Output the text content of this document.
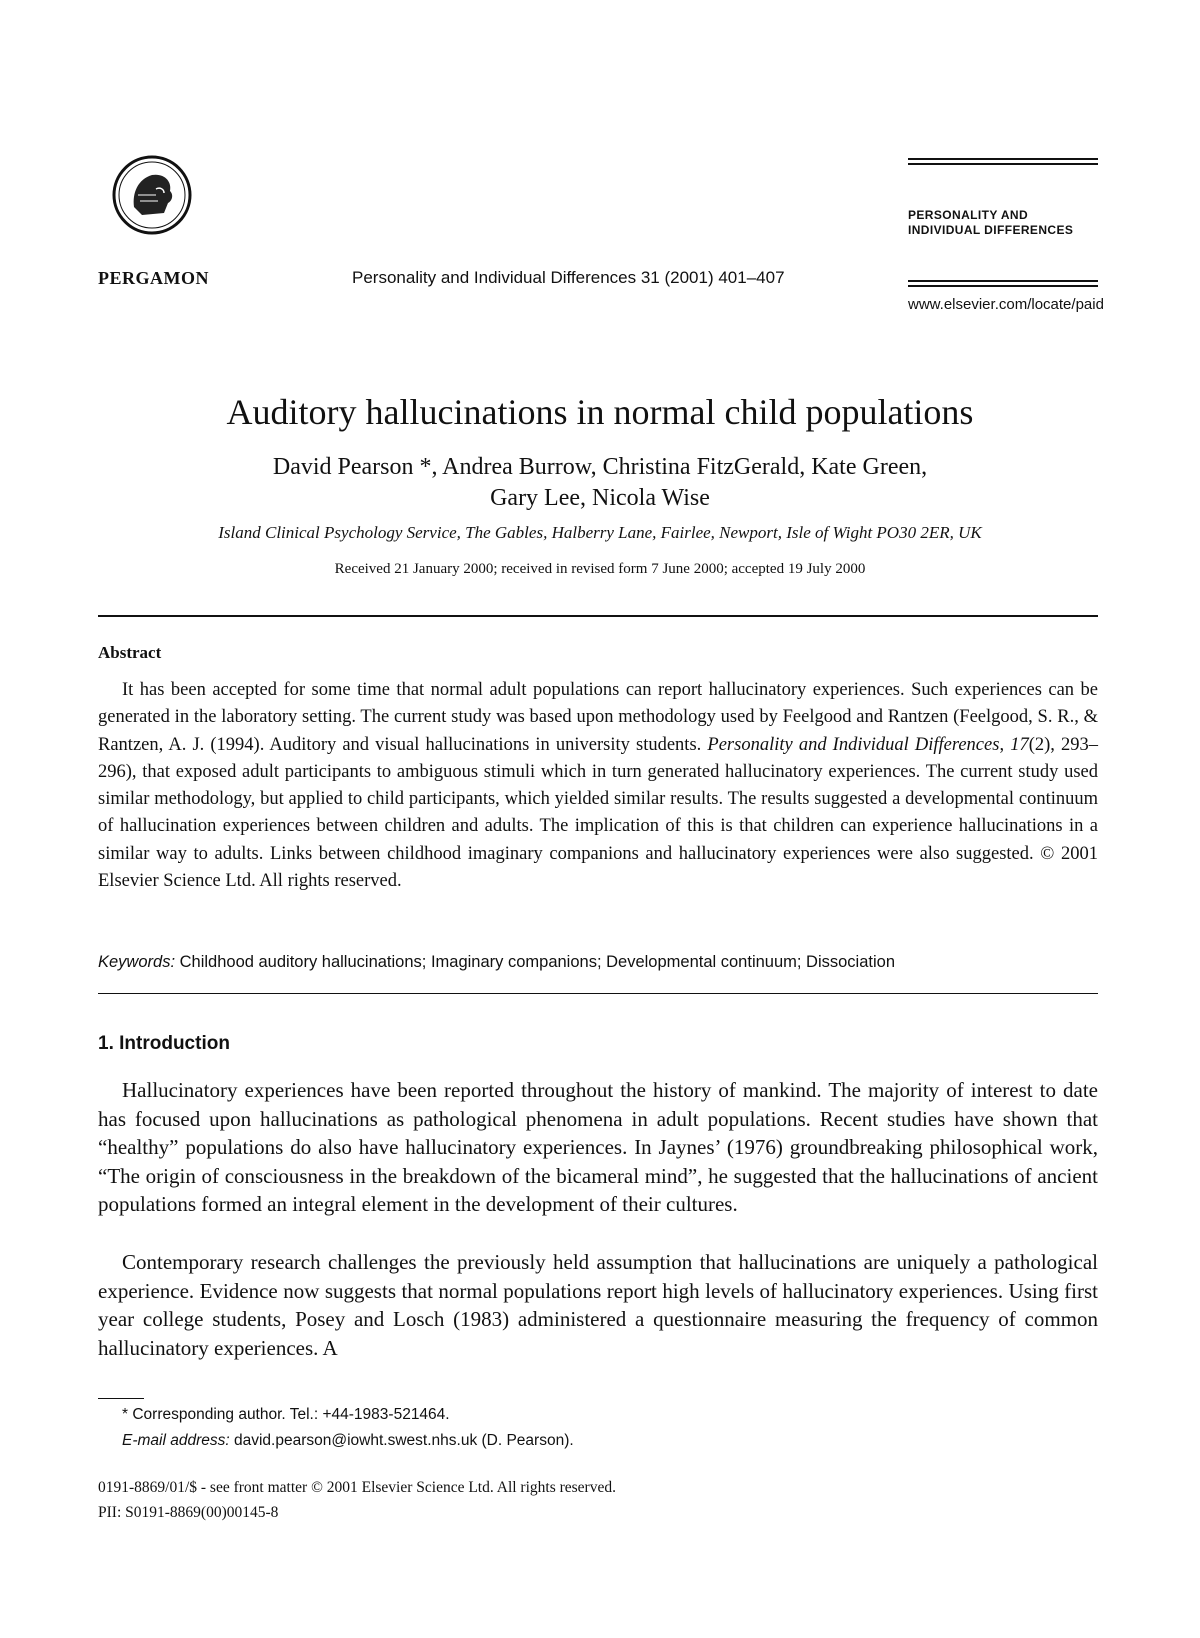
PERGAMON	Personality and Individual Differences 31 (2001) 401–407
PERSONALITY AND
INDIVIDUAL DIFFERENCES
www.elsevier.com/locate/paid
Auditory hallucinations in normal child populations
David Pearson *, Andrea Burrow, Christina FitzGerald, Kate Green,
Gary Lee, Nicola Wise
Island Clinical Psychology Service, The Gables, Halberry Lane, Fairlee, Newport, Isle of Wight PO30 2ER, UK
Received 21 January 2000; received in revised form 7 June 2000; accepted 19 July 2000
Abstract
It has been accepted for some time that normal adult populations can report hallucinatory experiences. Such experiences can be generated in the laboratory setting. The current study was based upon methodology used by Feelgood and Rantzen (Feelgood, S. R., & Rantzen, A. J. (1994). Auditory and visual hallucinations in university students. Personality and Individual Differences, 17(2), 293–296), that exposed adult participants to ambiguous stimuli which in turn generated hallucinatory experiences. The current study used similar methodology, but applied to child participants, which yielded similar results. The results suggested a developmental continuum of hallucination experiences between children and adults. The implication of this is that children can experience hallucinations in a similar way to adults. Links between childhood imaginary companions and hallucinatory experiences were also suggested. © 2001 Elsevier Science Ltd. All rights reserved.
Keywords: Childhood auditory hallucinations; Imaginary companions; Developmental continuum; Dissociation
1. Introduction

Hallucinatory experiences have been reported throughout the history of mankind. The majority of interest to date has focused upon hallucinations as pathological phenomena in adult populations. Recent studies have shown that “healthy” populations do also have hallucinatory experiences. In Jaynes’ (1976) groundbreaking philosophical work, “The origin of consciousness in the breakdown of the bicameral mind”, he suggested that the hallucinations of ancient populations formed an integral element in the development of their cultures.

Contemporary research challenges the previously held assumption that hallucinations are uniquely a pathological experience. Evidence now suggests that normal populations report high levels of hallucinatory experiences. Using first year college students, Posey and Losch (1983) administered a questionnaire measuring the frequency of common hallucinatory experiences. A

* Corresponding author. Tel.: +44-1983-521464.
E-mail address: david.pearson@iowht.swest.nhs.uk (D. Pearson).
0191-8869/01/$ - see front matter © 2001 Elsevier Science Ltd. All rights reserved.
PII: S0191-8869(00)00145-8
